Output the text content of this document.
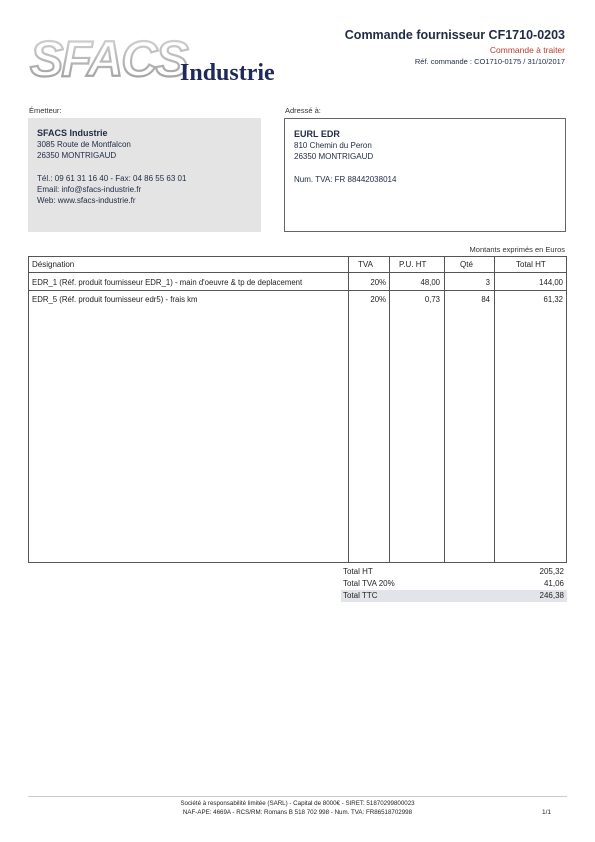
SFACS
Industrie
Commande fournisseur CF1710-0203
Commande à traiter
Réf. commande : CO1710-0175 / 31/10/2017
Émetteur:
SFACS Industrie
3085 Route de Montfalcon
26350 MONTRIGAUD
Tél.: 09 61 31 16 40 - Fax: 04 86 55 63 01
Email: info@sfacs-industrie.fr
Web: www.sfacs-industrie.fr
Adressé à:
EURL EDR
810 Chemin du Peron
26350 MONTRIGAUD
Num. TVA: FR 88442038014
Montants exprimés en Euros
Désignation	TVA	P.U. HT	Qté	Total HT
EDR_1 (Réf. produit fournisseur EDR_1) - main d'oeuvre & tp de deplacement	20%	48,00	3	144,00
EDR_5 (Réf. produit fournisseur edr5) - frais km	20%	0,73	84	61,32
Total HT	205,32
Total TVA 20%	41,06
Total TTC	246,38
Société à responsabilité limitée (SARL) - Capital de 8000€ - SIRET: 51870299800023
NAF-APE: 4669A - RCS/RM: Romans B 518 702 998 - Num. TVA: FR86518702998	1/1
